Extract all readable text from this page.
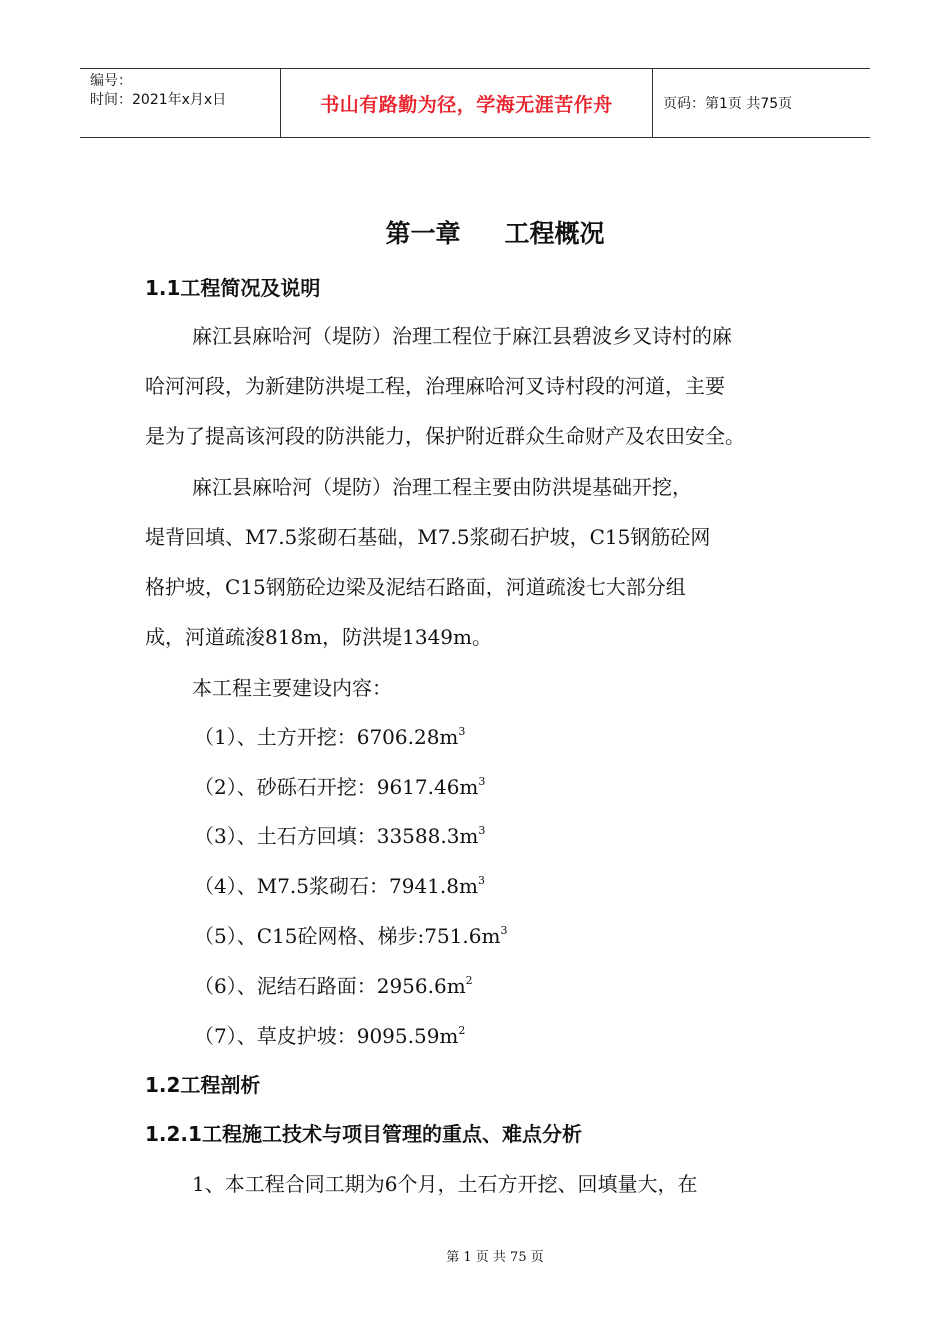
编号：
时间：2021年x月x日	书山有路勤为径，学海无涯苦作舟	页码：第1页 共75页
第一章 工程概况
1.1工程简况及说明
麻江县麻哈河（堤防）治理工程位于麻江县碧波乡叉诗村的麻
哈河河段，为新建防洪堤工程，治理麻哈河叉诗村段的河道，主要
是为了提高该河段的防洪能力，保护附近群众生命财产及农田安全。
麻江县麻哈河（堤防）治理工程主要由防洪堤基础开挖，
堤背回填、M7.5浆砌石基础，M7.5浆砌石护坡，C15钢筋砼网
格护坡，C15钢筋砼边梁及泥结石路面，河道疏浚七大部分组
成，河道疏浚818m，防洪堤1349m。
本工程主要建设内容：
（1）、土方开挖：$6706.28m^3$
（2）、砂砾石开挖：$9617.46m^3$
（3）、土石方回填：$33588.3m^3$
（4）、M7.5浆砌石：$7941.8m^3$
（5）、C15砼网格、梯步$:751.6m^3$
（6）、泥结石路面：$2956.6m^2$
（7）、草皮护坡：$9095.59m^2$
1.2工程剖析
1.2.1工程施工技术与项目管理的重点、难点分析
1、本工程合同工期为6个月，土石方开挖、回填量大，在
第 1 页 共 75 页
